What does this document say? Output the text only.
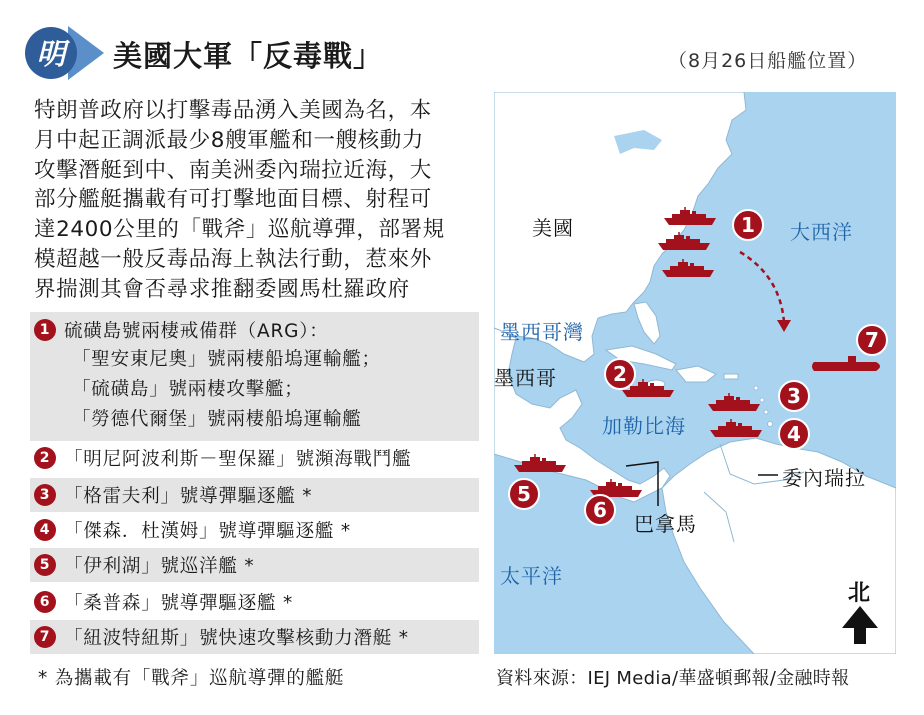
明 美國大軍「反毒戰」	（8月26日船艦位置）
特朗普政府以打擊毒品湧入美國為名，本
月中起正調派最少8艘軍艦和一艘核動力
攻擊潛艇到中、南美洲委內瑞拉近海，大
部分艦艇攜載有可打擊地面目標、射程可
達2400公里的「戰斧」巡航導彈，部署規
模超越一般反毒品海上執法行動，惹來外
界揣測其會否尋求推翻委國馬杜羅政府
1 硫磺島號兩棲戒備群（ARG）：
「聖安東尼奧」號兩棲船塢運輸艦；
「硫磺島」號兩棲攻擊艦；
「勞德代爾堡」號兩棲船塢運輸艦
2 「明尼阿波利斯－聖保羅」號瀕海戰鬥艦
3 「格雷夫利」號導彈驅逐艦 *
4 「傑森．杜漢姆」號導彈驅逐艦 *
5 「伊利湖」號巡洋艦 *
6 「桑普森」號導彈驅逐艦 *
7 「紐波特紐斯」號快速攻擊核動力潛艇 *
* 為攜載有「戰斧」巡航導彈的艦艇	資料來源：IEJ Media/華盛頓郵報/金融時報
1
2
3
4
5
6
7
美國	大西洋
墨西哥灣
墨西哥
加勒比海
委內瑞拉
巴拿馬
太平洋
北
